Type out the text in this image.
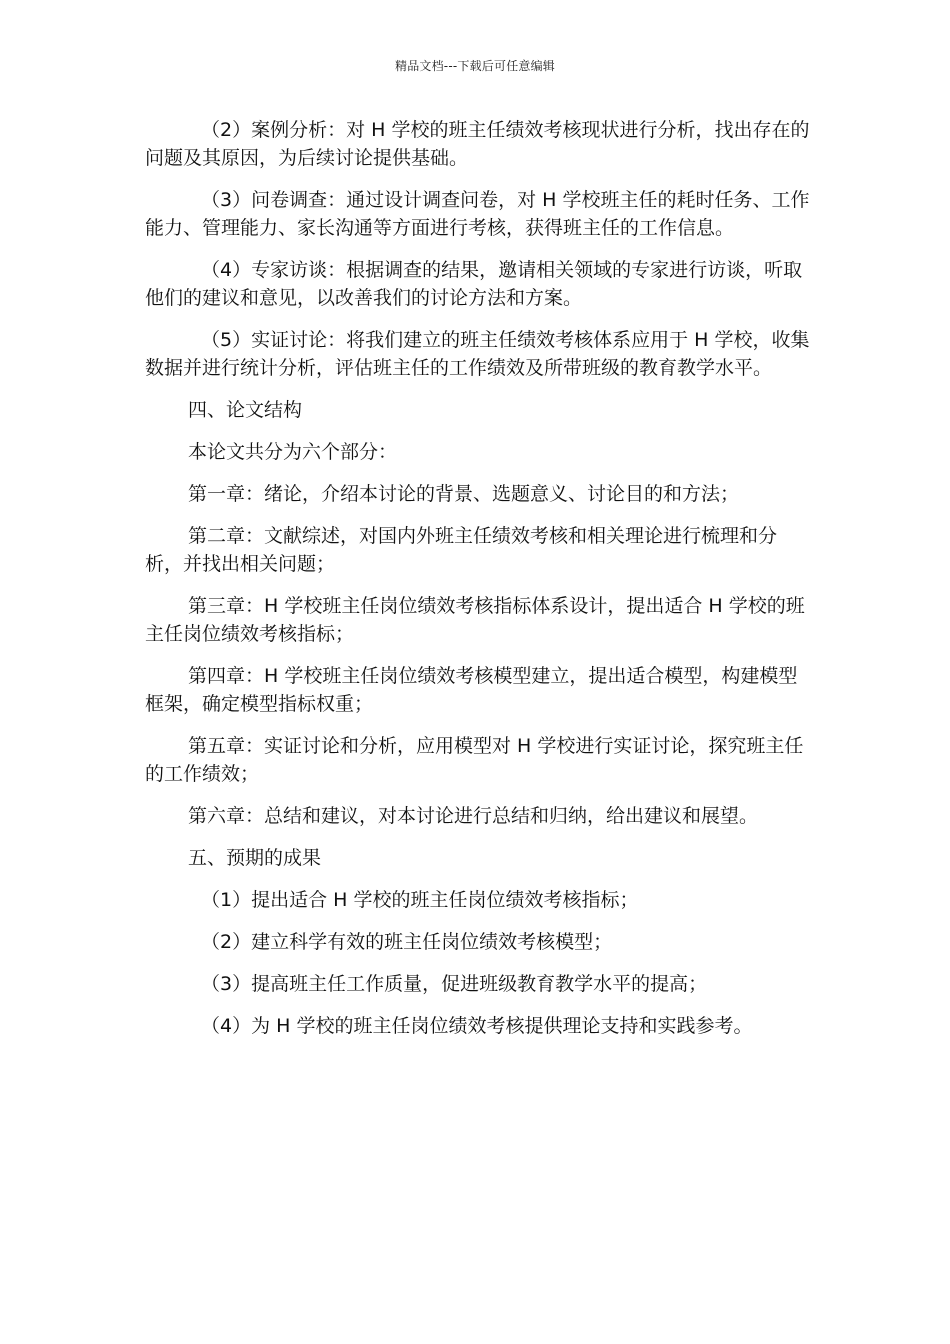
精品文档---下载后可任意编辑

（2）案例分析：对 H 学校的班主任绩效考核现状进行分析，找出存在的问题及其原因，为后续讨论提供基础。

（3）问卷调查：通过设计调查问卷，对 H 学校班主任的耗时任务、工作能力、管理能力、家长沟通等方面进行考核，获得班主任的工作信息。

（4）专家访谈：根据调查的结果，邀请相关领域的专家进行访谈，听取他们的建议和意见，以改善我们的讨论方法和方案。

（5）实证讨论：将我们建立的班主任绩效考核体系应用于 H 学校，收集数据并进行统计分析，评估班主任的工作绩效及所带班级的教育教学水平。

四、论文结构

本论文共分为六个部分：

第一章：绪论，介绍本讨论的背景、选题意义、讨论目的和方法；

第二章：文献综述，对国内外班主任绩效考核和相关理论进行梳理和分析，并找出相关问题；

第三章：H 学校班主任岗位绩效考核指标体系设计，提出适合 H 学校的班主任岗位绩效考核指标；

第四章：H 学校班主任岗位绩效考核模型建立，提出适合模型，构建模型框架，确定模型指标权重；

第五章：实证讨论和分析，应用模型对 H 学校进行实证讨论，探究班主任的工作绩效；

第六章：总结和建议，对本讨论进行总结和归纳，给出建议和展望。

五、预期的成果

（1）提出适合 H 学校的班主任岗位绩效考核指标；

（2）建立科学有效的班主任岗位绩效考核模型；

（3）提高班主任工作质量，促进班级教育教学水平的提高；

（4）为 H 学校的班主任岗位绩效考核提供理论支持和实践参考。
